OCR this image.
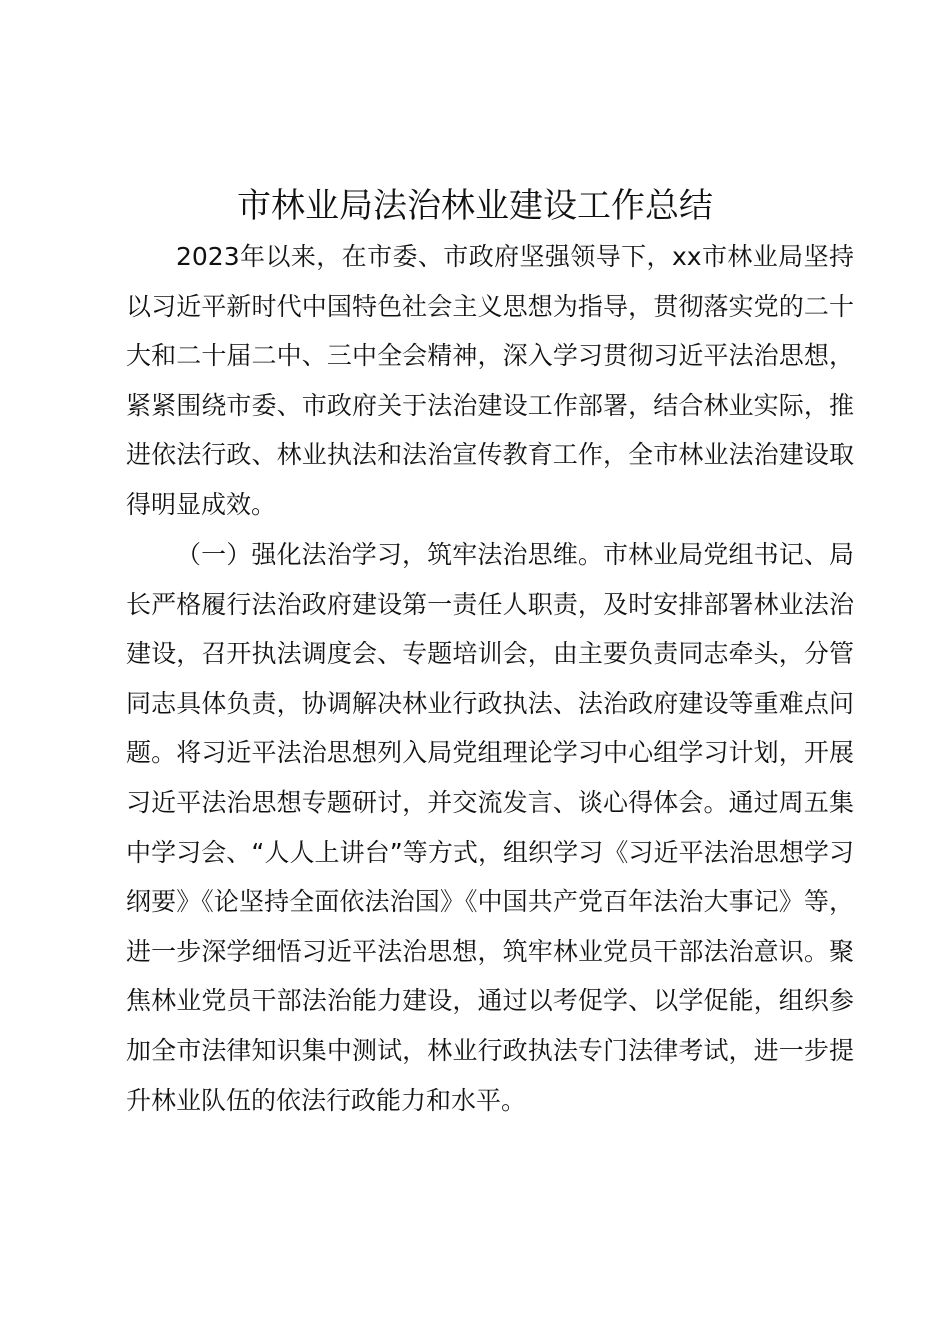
市林业局法治林业建设工作总结

2023年以来，在市委、市政府坚强领导下，xx市林业局坚持以习近平新时代中国特色社会主义思想为指导，贯彻落实党的二十大和二十届二中、三中全会精神，深入学习贯彻习近平法治思想，紧紧围绕市委、市政府关于法治建设工作部署，结合林业实际，推进依法行政、林业执法和法治宣传教育工作，全市林业法治建设取得明显成效。

（一）强化法治学习，筑牢法治思维。市林业局党组书记、局长严格履行法治政府建设第一责任人职责，及时安排部署林业法治建设，召开执法调度会、专题培训会，由主要负责同志牵头，分管同志具体负责，协调解决林业行政执法、法治政府建设等重难点问题。将习近平法治思想列入局党组理论学习中心组学习计划，开展习近平法治思想专题研讨，并交流发言、谈心得体会。通过周五集中学习会、“人人上讲台”等方式，组织学习《习近平法治思想学习纲要》《论坚持全面依法治国》《中国共产党百年法治大事记》等，进一步深学细悟习近平法治思想，筑牢林业党员干部法治意识。聚焦林业党员干部法治能力建设，通过以考促学、以学促能，组织参加全市法律知识集中测试，林业行政执法专门法律考试，进一步提升林业队伍的依法行政能力和水平。
